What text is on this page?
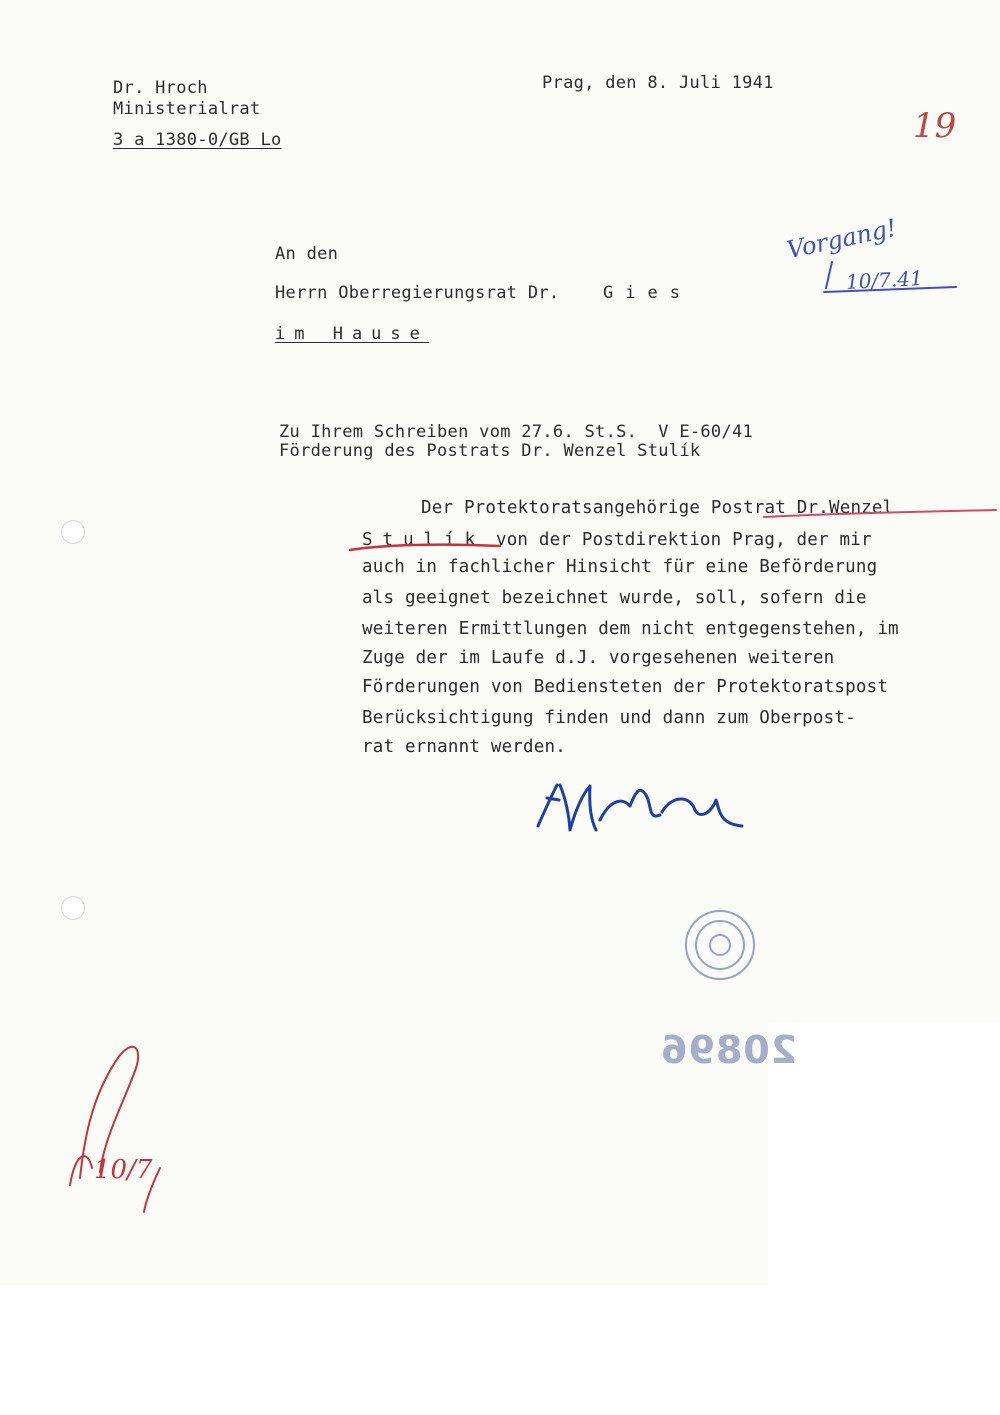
Dr. Hroch
Ministerialrat
3 a 1380-0/GB Lo
Prag, den 8. Juli 1941
19
An den
Herrn Oberregierungsrat Dr.	Gies
im Hause
Vorgang!
10/7.41
Zu Ihrem Schreiben vom 27.6. St.S.  V E-60/41
Förderung des Postrats Dr. Wenzel Stulík
Der Protektoratsangehörige Postrat Dr.Wenzel
Stulík von der Postdirektion Prag, der mir
auch in fachlicher Hinsicht für eine Beförderung
als geeignet bezeichnet wurde, soll, sofern die
weiteren Ermittlungen dem nicht entgegenstehen, im
Zuge der im Laufe d.J. vorgesehenen weiteren
Förderungen von Bediensteten der Protektoratspost
Berücksichtigung finden und dann zum Oberpost-
rat ernannt werden.
20896
10/7
